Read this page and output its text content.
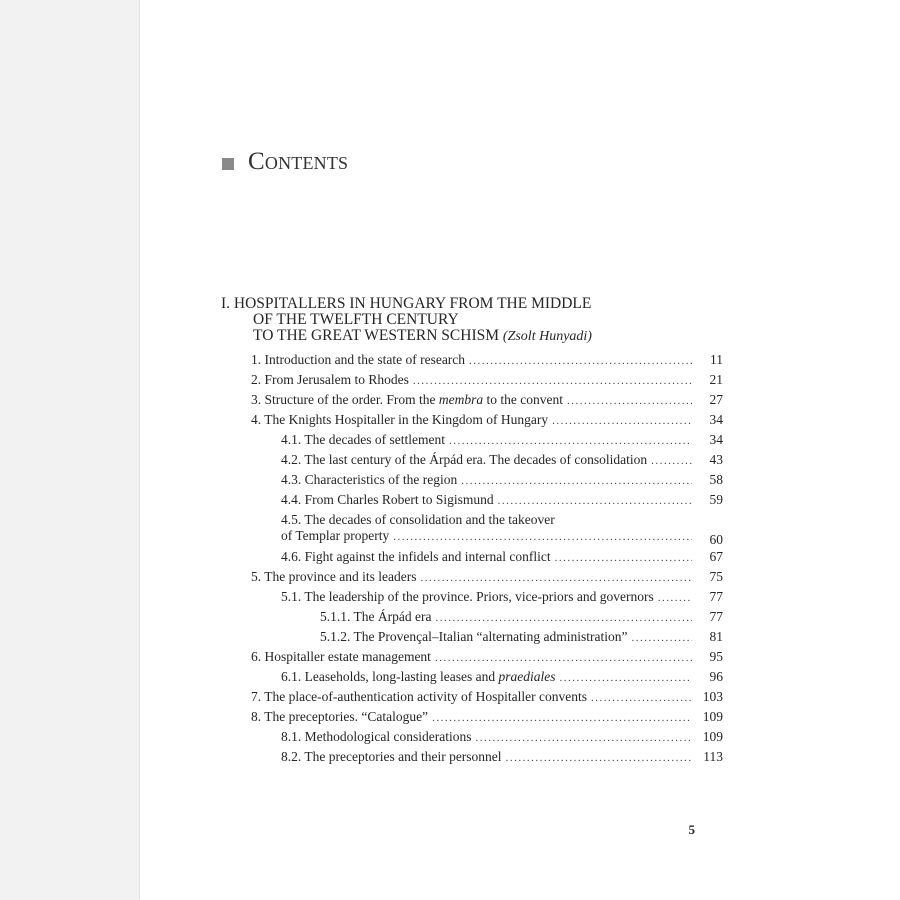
Contents
I. HOSPITALLERS IN HUNGARY FROM THE MIDDLE
OF THE TWELFTH CENTURY
TO THE GREAT WESTERN SCHISM (Zsolt Hunyadi)
1. Introduction and the state of research .....	11
2. From Jerusalem to Rhodes .....	21
3. Structure of the order. From the membra to the convent .....	27
4. The Knights Hospitaller in the Kingdom of Hungary .....	34
4.1. The decades of settlement .....	34
4.2. The last century of the Árpád era. The decades of consolidation .....	43
4.3. Characteristics of the region .....	58
4.4. From Charles Robert to Sigismund .....	59
4.5. The decades of consolidation and the takeover
of Templar property .....	60
4.6. Fight against the infidels and internal conflict .....	67
5. The province and its leaders .....	75
5.1. The leadership of the province. Priors, vice-priors and governors .....	77
5.1.1. The Árpád era .....	77
5.1.2. The Provençal–Italian “alternating administration” .....	81
6. Hospitaller estate management .....	95
6.1. Leaseholds, long-lasting leases and praediales .....	96
7. The place-of-authentication activity of Hospitaller convents .....	103
8. The preceptories. “Catalogue” .....	109
8.1. Methodological considerations .....	109
8.2. The preceptories and their personnel .....	113
5
